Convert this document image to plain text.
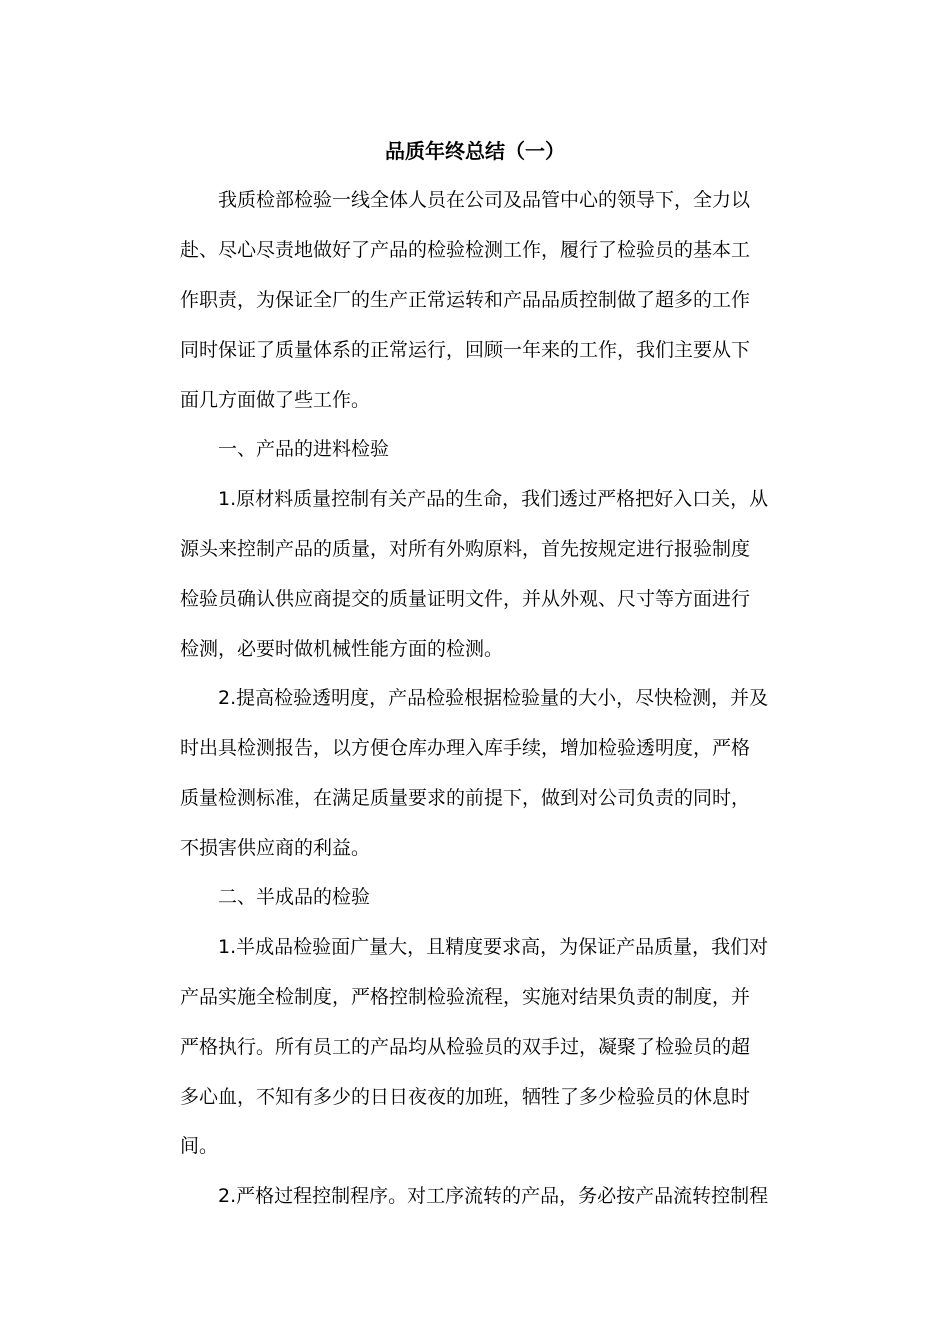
品质年终总结（一）
我质检部检验一线全体人员在公司及品管中心的领导下，全力以
赴、尽心尽责地做好了产品的检验检测工作，履行了检验员的基本工
作职责，为保证全厂的生产正常运转和产品品质控制做了超多的工作
同时保证了质量体系的正常运行，回顾一年来的工作，我们主要从下
面几方面做了些工作。
一、产品的进料检验
1.原材料质量控制有关产品的生命，我们透过严格把好入口关，从
源头来控制产品的质量，对所有外购原料，首先按规定进行报验制度
检验员确认供应商提交的质量证明文件，并从外观、尺寸等方面进行
检测，必要时做机械性能方面的检测。
2.提高检验透明度，产品检验根据检验量的大小，尽快检测，并及
时出具检测报告，以方便仓库办理入库手续，增加检验透明度，严格
质量检测标准，在满足质量要求的前提下，做到对公司负责的同时，
不损害供应商的利益。
二、半成品的检验
1.半成品检验面广量大，且精度要求高，为保证产品质量，我们对
产品实施全检制度，严格控制检验流程，实施对结果负责的制度，并
严格执行。所有员工的产品均从检验员的双手过，凝聚了检验员的超
多心血，不知有多少的日日夜夜的加班，牺牲了多少检验员的休息时
间。
2.严格过程控制程序。对工序流转的产品，务必按产品流转控制程
